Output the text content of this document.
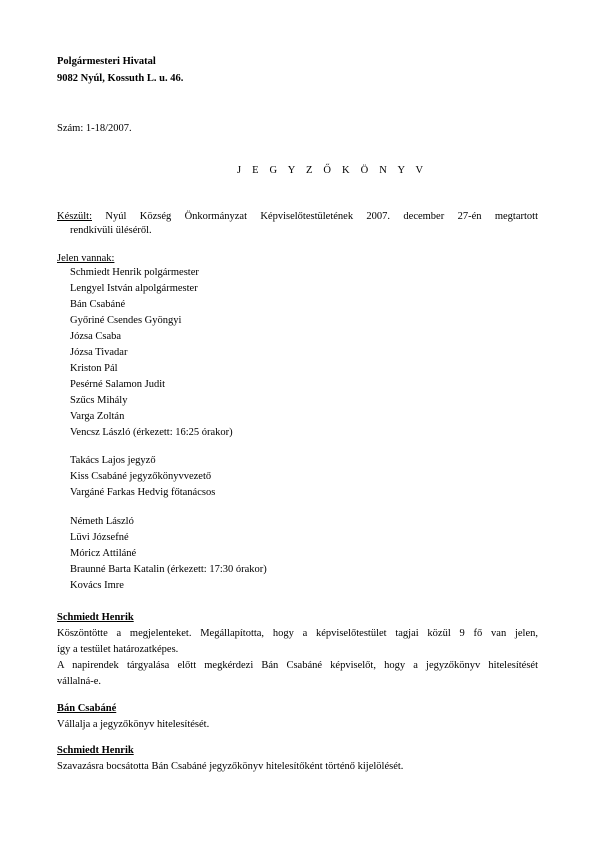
Polgármesteri Hivatal
9082 Nyúl, Kossuth L. u. 46.
Szám: 1-18/2007.
J E G Y Z Ő K Ö N Y V
Készült: Nyúl Község Önkormányzat Képviselőtestületének 2007. december 27-én megtartott
rendkívüli üléséről.
Jelen vannak:
Schmiedt Henrik polgármester
Lengyel István alpolgármester
Bán Csabáné
Győriné Csendes Gyöngyi
Józsa Csaba
Józsa Tivadar
Kriston Pál
Pesérné Salamon Judit
Szűcs Mihály
Varga Zoltán
Vencsz László (érkezett: 16:25 órakor)
Takács Lajos jegyző
Kiss Csabáné jegyzőkönyvvezető
Vargáné Farkas Hedvig főtanácsos
Németh László
Lüvi Józsefné
Móricz Attiláné
Braunné Barta Katalin (érkezett: 17:30 órakor)
Kovács Imre
Schmiedt Henrik
Köszöntötte a megjelenteket. Megállapította, hogy a képviselőtestület tagjai közül 9 fő van jelen,
így a testület határozatképes.
A napirendek tárgyalása előtt megkérdezi Bán Csabáné képviselőt, hogy a jegyzőkönyv hitelesítését
vállalná-e.
Bán Csabáné
Vállalja a jegyzőkönyv hitelesítését.
Schmiedt Henrik
Szavazásra bocsátotta Bán Csabáné jegyzőkönyv hitelesítőként történő kijelölését.
